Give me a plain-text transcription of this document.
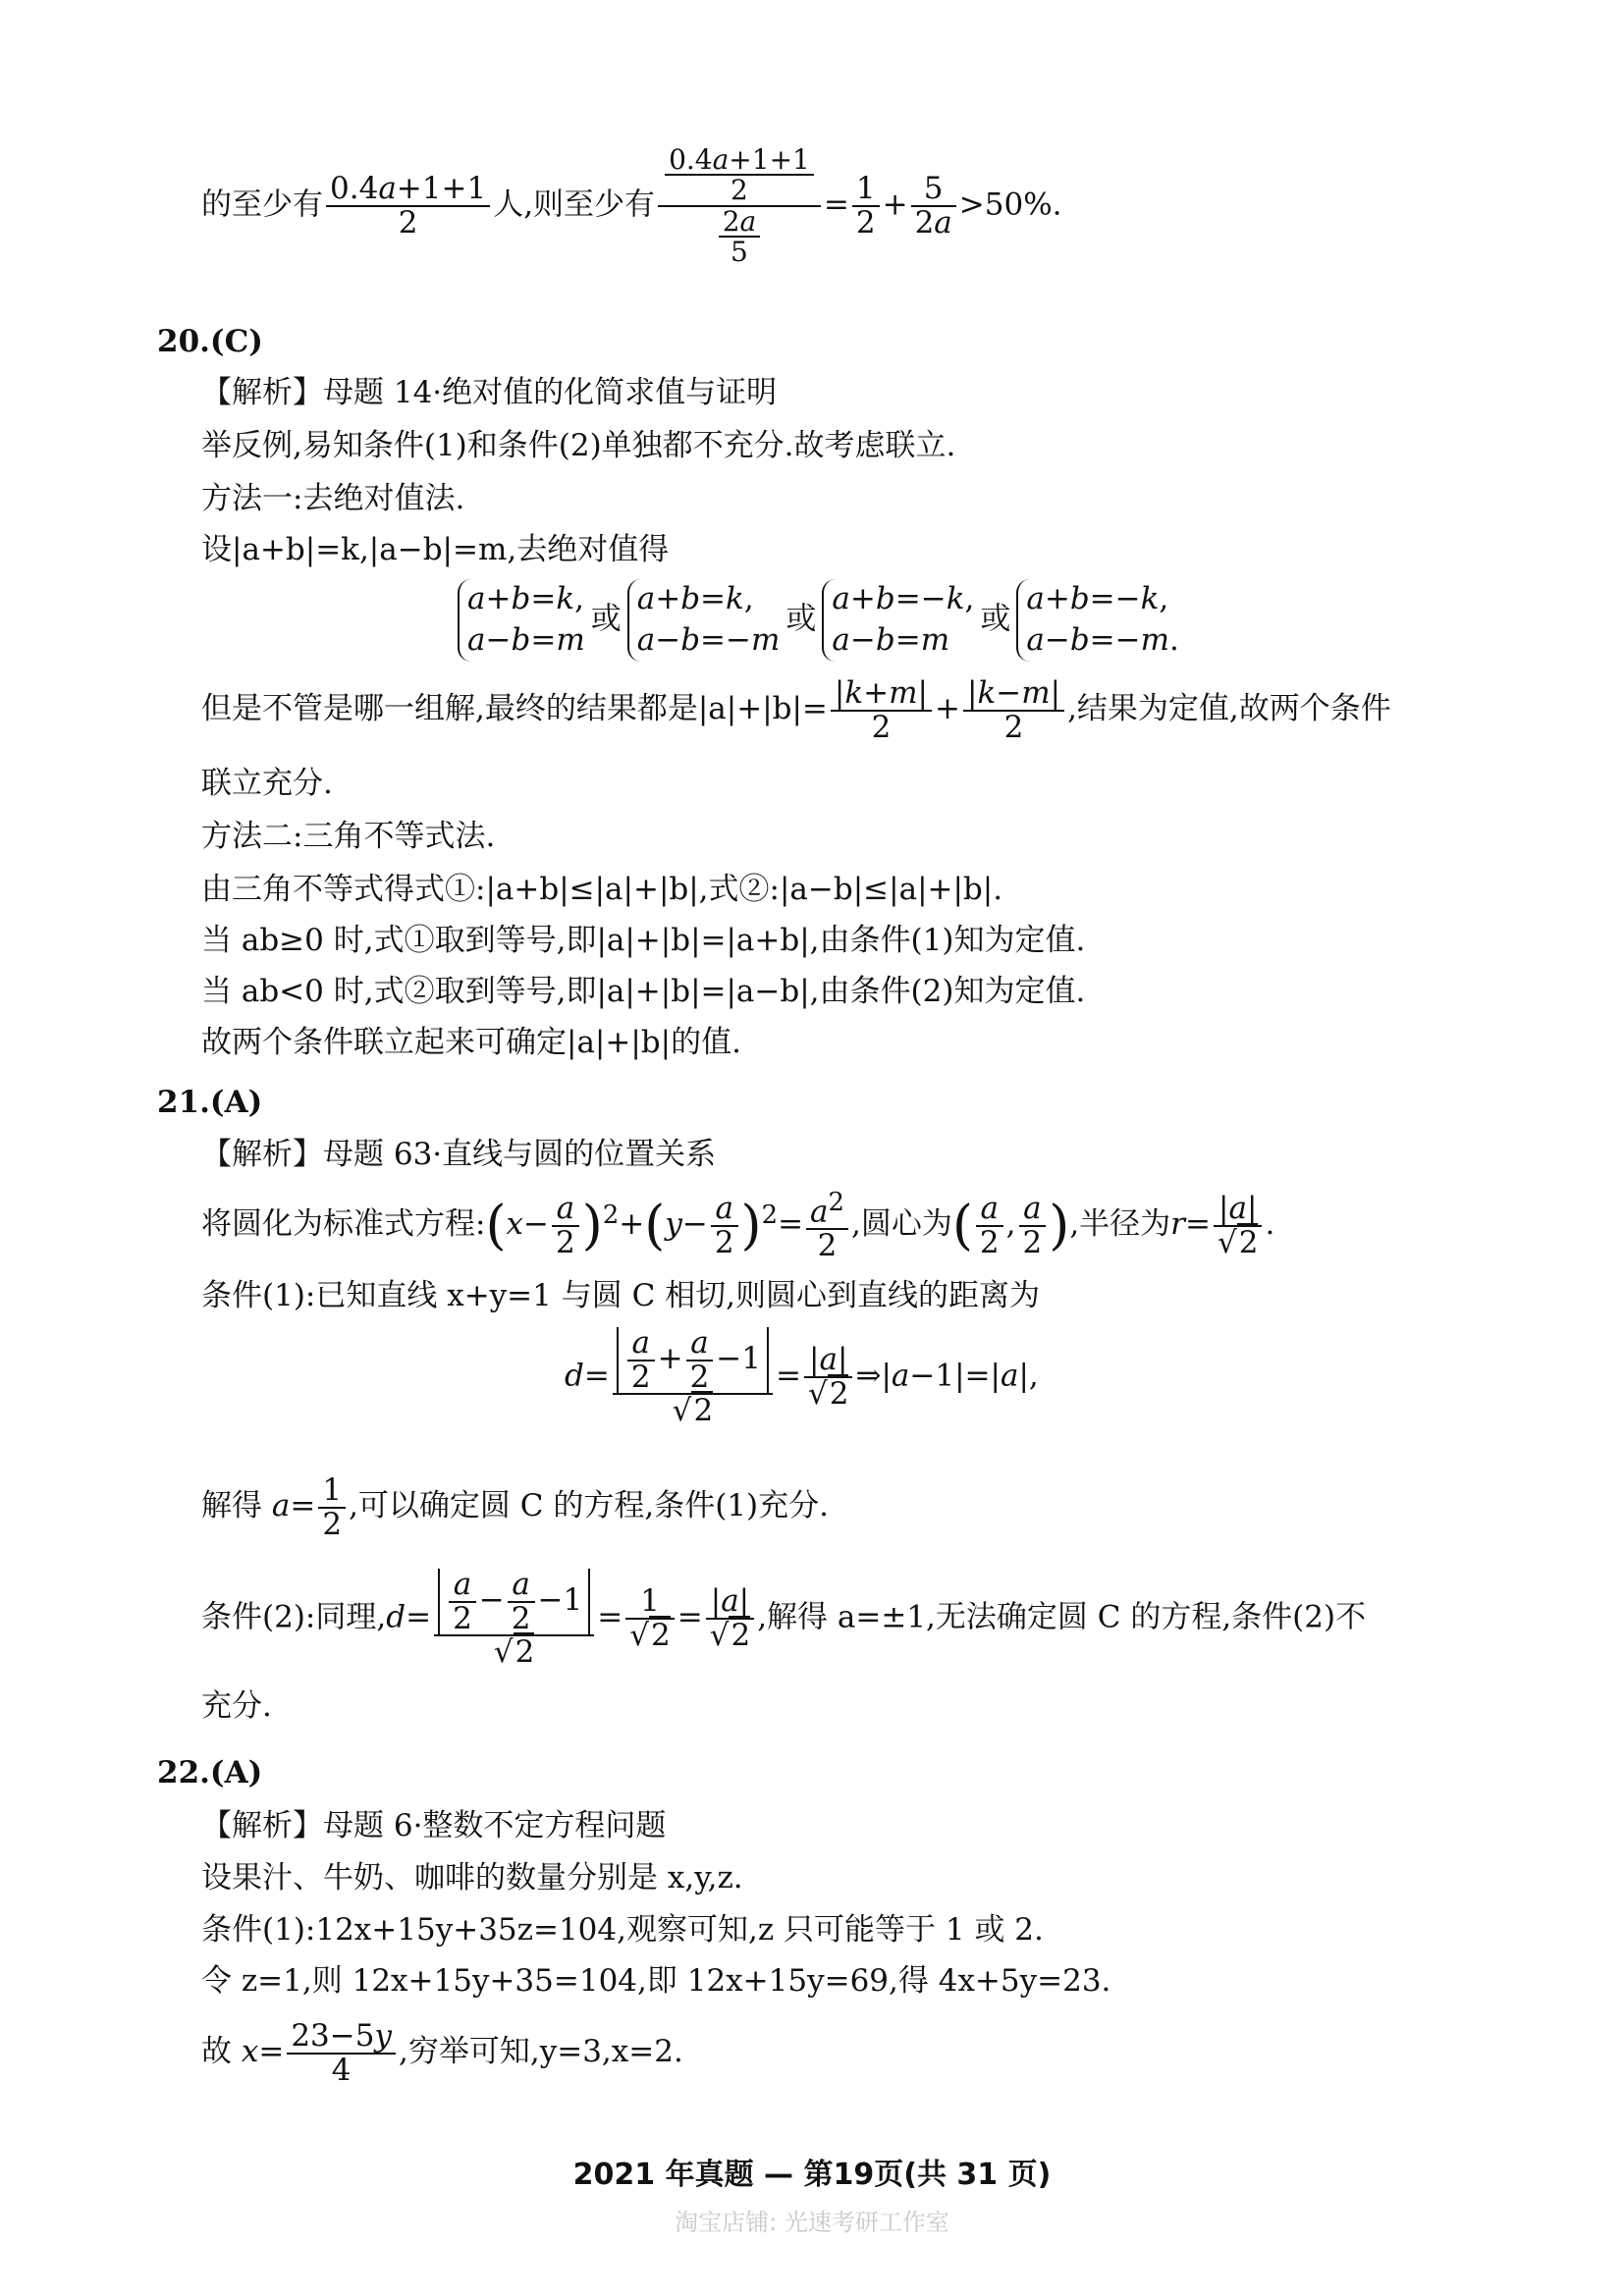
的至少有 $\frac{0.4a+1+1}{2}$ 人,则至少有 $\frac{\frac{0.4a+1+1}{2}}{\frac{2a}{5}} = \frac{1}{2} + \frac{5}{2a} >50\%$.
20.(C)
【解析】母题 14·绝对值的化简求值与证明
举反例,易知条件(1)和条件(2)单独都不充分.故考虑联立.
方法一:去绝对值法.
设|a+b|=k,|a−b|=m,去绝对值得
a+b=k,
a−b=m或a+b=k,
a−b=−m或a+b=−k,
a−b=m或a+b=−k,
a−b=−m.
但是不管是哪一组解,最终的结果都是$|a|+|b|= \frac{|k+m|}{2} + \frac{|k-m|}{2}$ ,结果为定值,故两个条件
联立充分.
方法二:三角不等式法.
由三角不等式得式①:|a+b|≤|a|+|b|,式②:|a−b|≤|a|+|b|.
当 ab≥0 时,式①取到等号,即|a|+|b|=|a+b|,由条件(1)知为定值.
当 ab<0 时,式②取到等号,即|a|+|b|=|a−b|,由条件(2)知为定值.
故两个条件联立起来可确定|a|+|b|的值.
21.(A)
【解析】母题 63·直线与圆的位置关系
将圆化为标准式方程:(x− $\frac{a}{2} )^2+(y- \frac{a}{2} )^2= \frac{a^2}{2}$ ,圆心为( $\frac{a}{2}$ , $\frac{a}{2}$ ),半径为$r= \frac{|a|}{√2}$ .
条件(1):已知直线 x+y=1 与圆 C 相切,则圆心到直线的距离为
$d= \frac{\frac{a}{2} + \frac{a}{2} -1}{√2} = \frac{|a|}{√2}$ ⇒|a−1|=|a|,
解得 $a= \frac{1}{2}$ ,可以确定圆 C 的方程,条件(1)充分.
条件(2):同理$,d= \frac{\frac{a}{2} - \frac{a}{2} -1}{√2} = \frac{1}{√2} = \frac{|a|}{√2}$ ,解得 a=±1,无法确定圆 C 的方程,条件(2)不
充分.
22.(A)
【解析】母题 6·整数不定方程问题
设果汁、牛奶、咖啡的数量分别是 x,y,z.
条件(1):12x+15y+35z=104,观察可知,z 只可能等于 1 或 2.
令 z=1,则 12x+15y+35=104,即 12x+15y=69,得 4x+5y=23.
故 $x= \frac{23-5y}{4}$ ,穷举可知,y=3,x=2.
2021 年真题 — 第19页(共 31 页)
淘宝店铺: 光速考研工作室
